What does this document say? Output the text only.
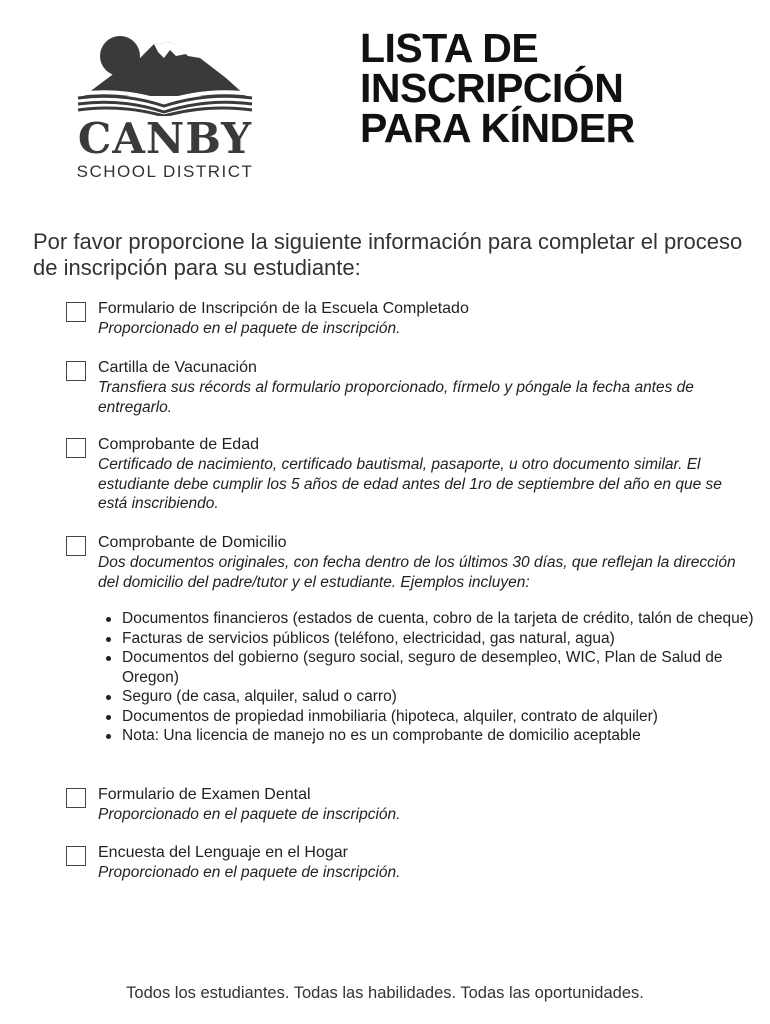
CANBY
SCHOOL DISTRICT
LISTA DE
INSCRIPCIÓN
PARA KÍNDER
Por favor proporcione la siguiente información para completar el proceso de inscripción para su estudiante:
Formulario de Inscripción de la Escuela Completado
Proporcionado en el paquete de inscripción.
Cartilla de Vacunación
Transfiera sus récords al formulario proporcionado, fírmelo y póngale la fecha antes de entregarlo.
Comprobante de Edad
Certificado de nacimiento, certificado bautismal, pasaporte, u otro documento similar. El estudiante debe cumplir los 5 años de edad antes del 1ro de septiembre del año en que se está inscribiendo.
Comprobante de Domicilio
Dos documentos originales, con fecha dentro de los últimos 30 días, que reflejan la dirección del domicilio del padre/tutor y el estudiante. Ejemplos incluyen:
Documentos financieros (estados de cuenta, cobro de la tarjeta de crédito, talón de cheque)
Facturas de servicios públicos (teléfono, electricidad, gas natural, agua)
Documentos del gobierno (seguro social, seguro de desempleo, WIC, Plan de Salud de Oregon)
Seguro (de casa, alquiler, salud o carro)
Documentos de propiedad inmobiliaria (hipoteca, alquiler, contrato de alquiler)
Nota: Una licencia de manejo no es un comprobante de domicilio aceptable
Formulario de Examen Dental
Proporcionado en el paquete de inscripción.
Encuesta del Lenguaje en el Hogar
Proporcionado en el paquete de inscripción.
Todos los estudiantes. Todas las habilidades. Todas las oportunidades.
